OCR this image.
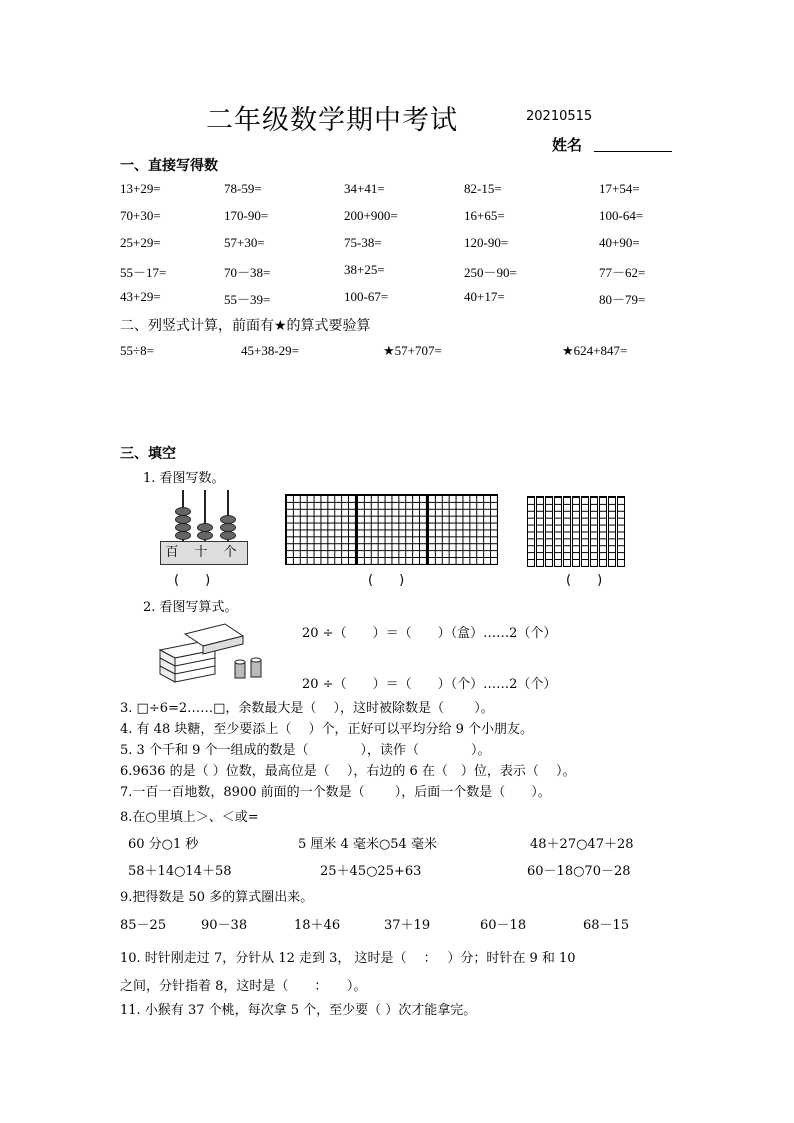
二年级数学期中考试	20210515
姓名
一、直接写得数
13+29=	78-59=	34+41=	82-15=	17+54=
70+30=	170-90=	200+900=	16+65=	100-64=
25+29=	57+30=	75-38=	120-90=	40+90=
55－17=	70－38=	38+25=	250－90=	77－62=
43+29=	55－39=	100-67=	40+17=	80－79=
二、列竖式计算，前面有★的算式要验算
55÷8=	45+38-29=	★57+707=	★624+847=
三、填空
1. 看图写数。
百 十 个
(　　)	(　　)	(　　)
2. 看图写算式。
20 ÷（　　）＝（　　）（盒）……2（个）
20 ÷（　　）＝（　　）（个）……2（个）
3. □÷6=2……□，余数最大是（　 ），这时被除数是（　　 ）。
4. 有 48 块糖，至少要添上（　 ）个，正好可以平均分给 9 个小朋友。
5. 3 个千和 9 个一组成的数是（　　　　），读作（　　　　）。
6.9636 的是（ ）位数，最高位是（　 ），右边的 6 在（　）位，表示（　 ）。
7.一百一百地数，8900 前面的一个数是（　　 ），后面一个数是（　　）。
8.在○里填上＞、＜或=
60 分○1 秒	5 厘米 4 毫米○54 毫米	48＋27○47＋28
58＋14○14＋58	25＋45○25+63	60－18○70－28
9.把得数是 50 多的算式圈出来。
85－25	90－38	18＋46	37＋19	60－18	68－15
10. 时针刚走过 7，分针从 12 走到 3， 这时是（　 ：　 ）分；时针在 9 和 10
之间，分针指着 8，这时是（　　：　　）。
11. 小猴有 37 个桃，每次拿 5 个，至少要（ ）次才能拿完。
